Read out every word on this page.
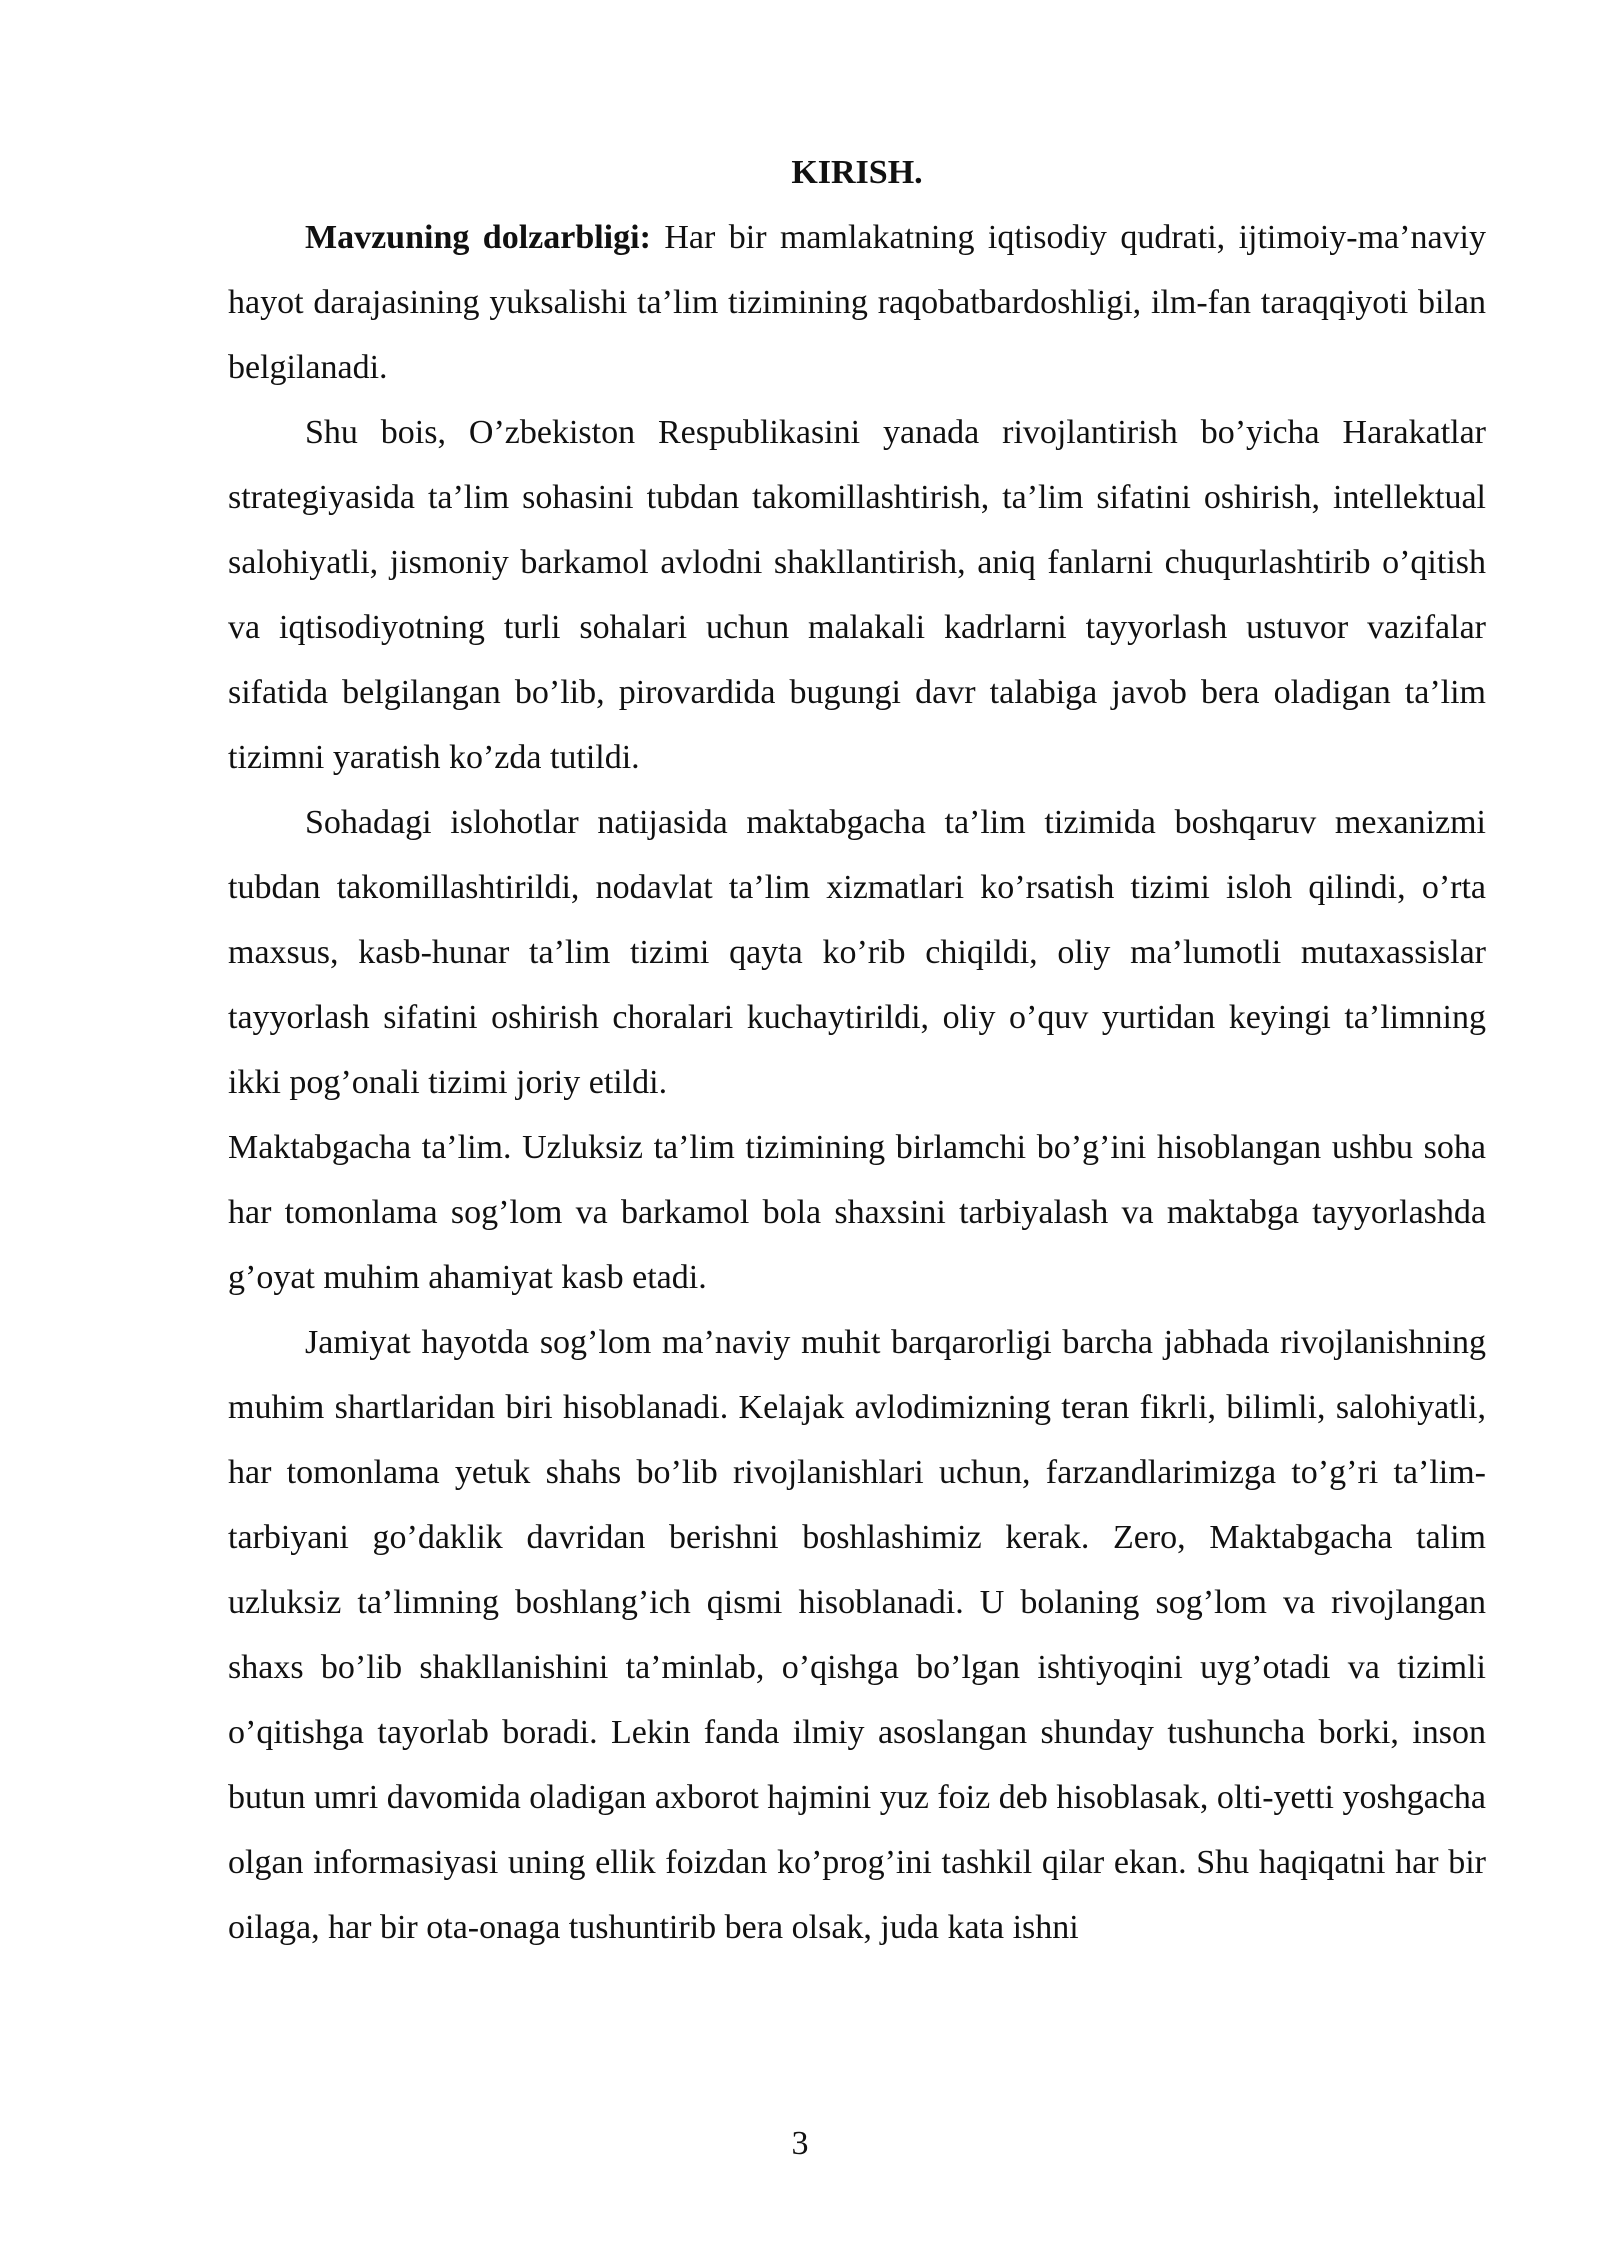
KIRISH.

Mavzuning dolzarbligi: Har bir mamlakatning iqtisodiy qudrati, ijtimoiy-ma’naviy hayot darajasining yuksalishi ta’lim tizimining raqobatbardoshligi, ilm-fan taraqqiyoti bilan belgilanadi.

Shu bois, O’zbekiston Respublikasini yanada rivojlantirish bo’yicha Harakatlar strategiyasida ta’lim sohasini tubdan takomillashtirish, ta’lim sifatini oshirish, intellektual salohiyatli, jismoniy barkamol avlodni shakllantirish, aniq fanlarni chuqurlashtirib o’qitish va iqtisodiyotning turli sohalari uchun malakali kadrlarni tayyorlash ustuvor vazifalar sifatida belgilangan bo’lib, pirovardida bugungi davr talabiga javob bera oladigan ta’lim tizimni yaratish ko’zda tutildi.

Sohadagi islohotlar natijasida maktabgacha ta’lim tizimida boshqaruv mexanizmi tubdan takomillashtirildi, nodavlat ta’lim xizmatlari ko’rsatish tizimi isloh qilindi, o’rta maxsus, kasb-hunar ta’lim tizimi qayta ko’rib chiqildi, oliy ma’lumotli mutaxassislar tayyorlash sifatini oshirish choralari kuchaytirildi, oliy o’quv yurtidan keyingi ta’limning ikki pog’onali tizimi joriy etildi.

Maktabgacha ta’lim. Uzluksiz ta’lim tizimining birlamchi bo’g’ini hisoblangan ushbu soha har tomonlama sog’lom va barkamol bola shaxsini tarbiyalash va maktabga tayyorlashda g’oyat muhim ahamiyat kasb etadi.

Jamiyat hayotda sog’lom ma’naviy muhit barqarorligi barcha jabhada rivojlanishning muhim shartlaridan biri hisoblanadi. Kelajak avlodimizning teran fikrli, bilimli, salohiyatli, har tomonlama yetuk shahs bo’lib rivojlanishlari uchun, farzandlarimizga to’g’ri ta’lim-tarbiyani go’daklik davridan berishni boshlashimiz kerak. Zero, Maktabgacha talim uzluksiz ta’limning boshlang’ich qismi hisoblanadi. U bolaning sog’lom va rivojlangan shaxs bo’lib shakllanishini ta’minlab, o’qishga bo’lgan ishtiyoqini uyg’otadi va tizimli o’qitishga tayorlab boradi. Lekin fanda ilmiy asoslangan shunday tushuncha borki, inson butun umri davomida oladigan axborot hajmini yuz foiz deb hisoblasak, olti-yetti yoshgacha olgan informasiyasi uning ellik foizdan ko’prog’ini tashkil qilar ekan. Shu haqiqatni har bir oilaga, har bir ota-onaga tushuntirib bera olsak, juda kata ishni

3
